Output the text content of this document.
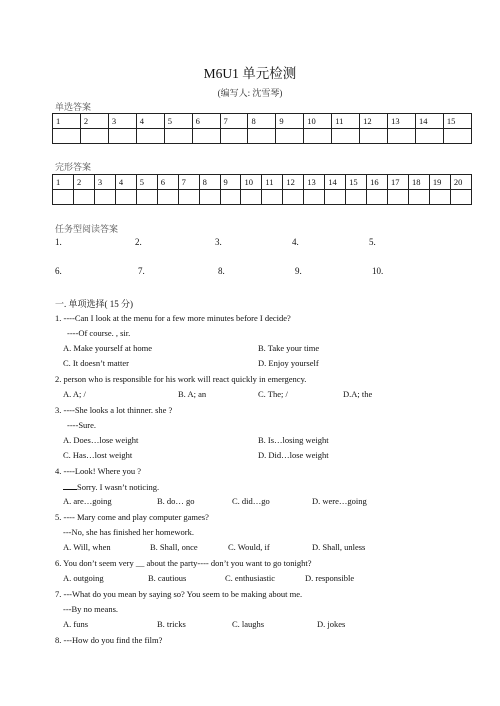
M6U1 单元检测
(编写人: 沈雪琴)
单选答案
1	2	3	4	5	6	7	8	9	10	11	12	13	14	15

完形答案
1	2	3	4	5	6	7	8	9	10	11	12	13	14	15	16	17	18	19	20

任务型阅读答案
1.	2.	3.	4.	5.
6.	7.	8.	9.	10.
一. 单项选择( 15 分)
1. ----Can I look at the menu for a few more minutes before I decide?
----Of course. , sir.
A. Make yourself at home	B. Take your time
C. It doesn’t matter	D. Enjoy yourself
2. person who is responsible for his work will react quickly in emergency.
A. A; /	B. A; an	C. The; /	D.A; the
3. ----She looks a lot thinner. she ?
----Sure.
A. Does…lose weight	B. Is…losing weight
C. Has…lost weight	D. Did…lose weight
4. ----Look! Where you ?
Sorry. I wasn’t noticing.
A. are…going	B. do… go	C. did…go	D. were…going
5. ---- Mary come and play computer games?
---No, she has finished her homework.
A. Will, when	B. Shall, once	C. Would, if	D. Shall, unless
6. You don’t seem very __ about the party---- don’t you want to go tonight?
A. outgoing	B. cautious	C. enthusiastic	D. responsible
7. ---What do you mean by saying so? You seem to be making about me.
---By no means.
A. funs	B. tricks	C. laughs	D. jokes
8. ---How do you find the film?
